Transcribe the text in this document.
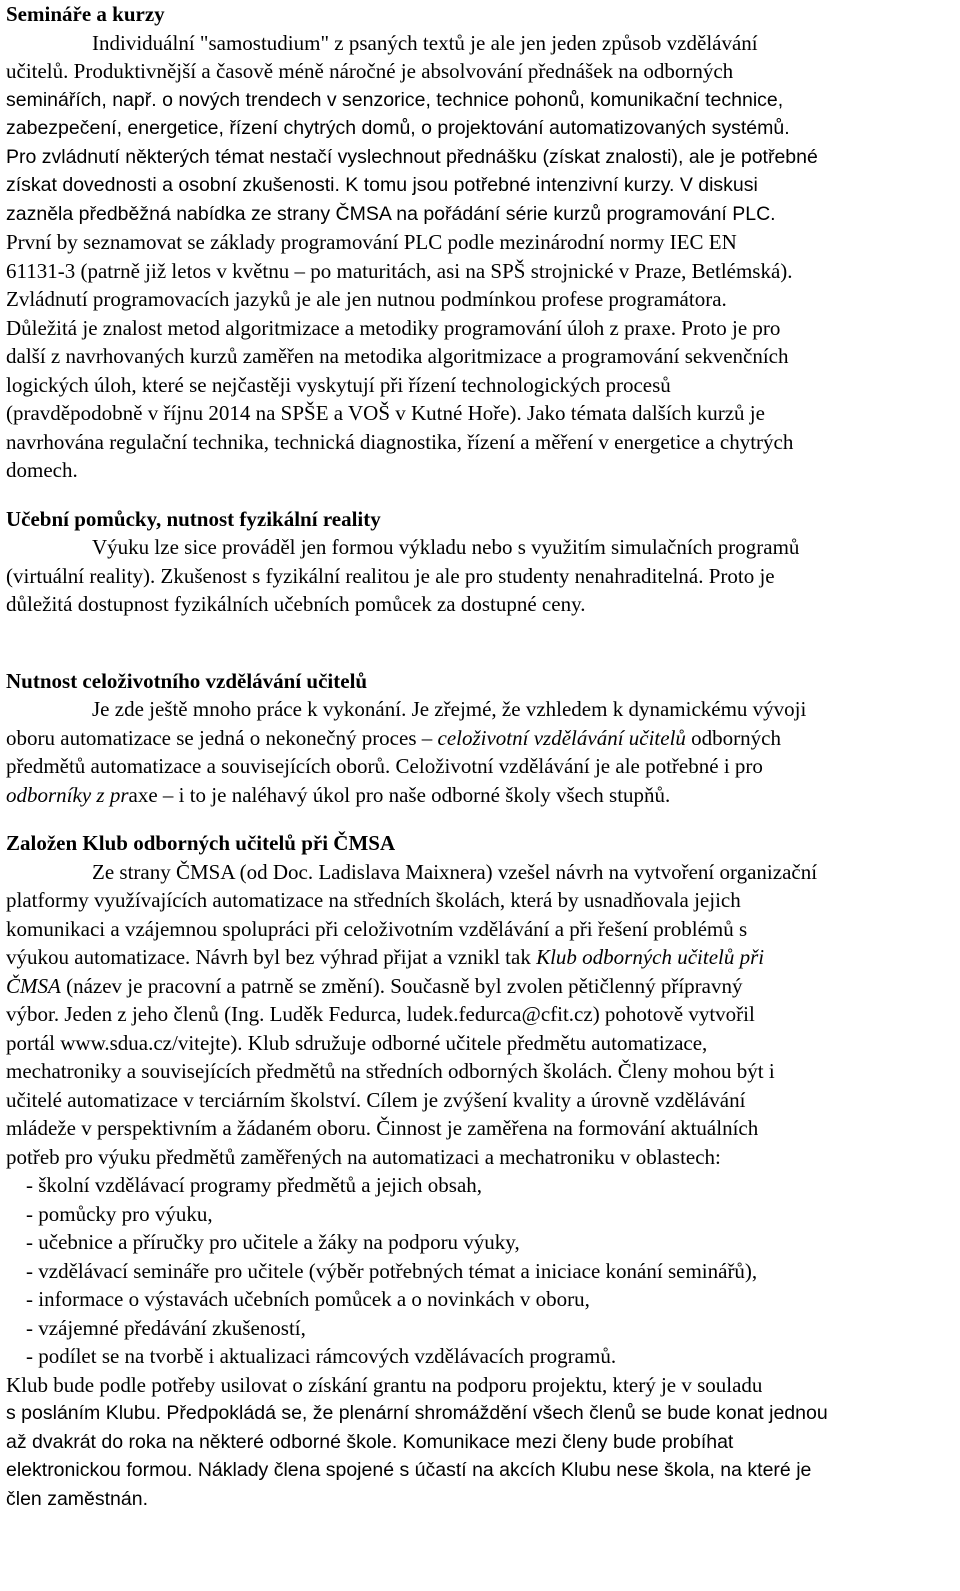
Semináře a kurzy

Individuální "samostudium" z psaných textů je ale jen jeden způsob vzdělávání

učitelů. Produktivnější a časově méně náročné je absolvování přednášek na odborných

seminářích, např. o nových trendech v senzorice, technice pohonů, komunikační technice,

zabezpečení, energetice, řízení chytrých domů, o projektování automatizovaných systémů.

Pro zvládnutí některých témat nestačí vyslechnout přednášku (získat znalosti), ale je potřebné

získat dovednosti a osobní zkušenosti. K tomu jsou potřebné intenzivní kurzy. V diskusi

zazněla předběžná nabídka ze strany ČMSA na pořádání série kurzů programování PLC.

První by seznamovat se základy programování PLC podle mezinárodní normy IEC EN

61131-3 (patrně již letos v květnu – po maturitách, asi na SPŠ strojnické v Praze, Betlémská).

Zvládnutí programovacích jazyků je ale jen nutnou podmínkou profese programátora.

Důležitá je znalost metod algoritmizace a metodiky programování úloh z praxe. Proto je pro

další z navrhovaných kurzů zaměřen na metodika algoritmizace a programování sekvenčních

logických úloh, které se nejčastěji vyskytují při řízení technologických procesů

(pravděpodobně v říjnu 2014 na SPŠE a VOŠ v Kutné Hoře). Jako témata dalších kurzů je

navrhována regulační technika, technická diagnostika, řízení a měření v energetice a chytrých

domech.

Učební pomůcky, nutnost fyzikální reality

Výuku lze sice prováděl jen formou výkladu nebo s využitím simulačních programů

(virtuální reality). Zkušenost s fyzikální realitou je ale pro studenty nenahraditelná. Proto je

důležitá dostupnost fyzikálních učebních pomůcek za dostupné ceny.

Nutnost celoživotního vzdělávání učitelů

Je zde ještě mnoho práce k vykonání. Je zřejmé, že vzhledem k dynamickému vývoji

oboru automatizace se jedná o nekonečný proces – celoživotní vzdělávání učitelů odborných

předmětů automatizace a souvisejících oborů. Celoživotní vzdělávání je ale potřebné i pro

odborníky z praxe – i to je naléhavý úkol pro naše odborné školy všech stupňů.

Založen Klub odborných učitelů při ČMSA

Ze strany ČMSA (od Doc. Ladislava Maixnera) vzešel návrh na vytvoření organizační

platformy využívajících automatizace na středních školách, která by usnadňovala jejich

komunikaci a vzájemnou spolupráci při celoživotním vzdělávání a při řešení problémů s

výukou automatizace. Návrh byl bez výhrad přijat a vznikl tak Klub odborných učitelů při

ČMSA (název je pracovní a patrně se změní). Současně byl zvolen pětičlenný přípravný

výbor. Jeden z jeho členů (Ing. Luděk Fedurca, ludek.fedurca@cfit.cz) pohotově vytvořil

portál www.sdua.cz/vitejte). Klub sdružuje odborné učitele předmětu automatizace,

mechatroniky a souvisejících předmětů na středních odborných školách. Členy mohou být i

učitelé automatizace v terciárním školství. Cílem je zvýšení kvality a úrovně vzdělávání

mládeže v perspektivním a žádaném oboru. Činnost je zaměřena na formování aktuálních

potřeb pro výuku předmětů zaměřených na automatizaci a mechatroniku v oblastech:

- školní vzdělávací programy předmětů a jejich obsah,
- pomůcky pro výuku,
- učebnice a příručky pro učitele a žáky na podporu výuky,
- vzdělávací semináře pro učitele (výběr potřebných témat a iniciace konání seminářů),
- informace o výstavách učebních pomůcek a o novinkách v oboru,
- vzájemné předávání zkušeností,
- podílet se na tvorbě i aktualizaci rámcových vzdělávacích programů.

Klub bude podle potřeby usilovat o získání grantu na podporu projektu, který je v souladu

s posláním Klubu. Předpokládá se, že plenární shromáždění všech členů se bude konat jednou

až dvakrát do roka na některé odborné škole. Komunikace mezi členy bude probíhat

elektronickou formou. Náklady člena spojené s účastí na akcích Klubu nese škola, na které je

člen zaměstnán.
